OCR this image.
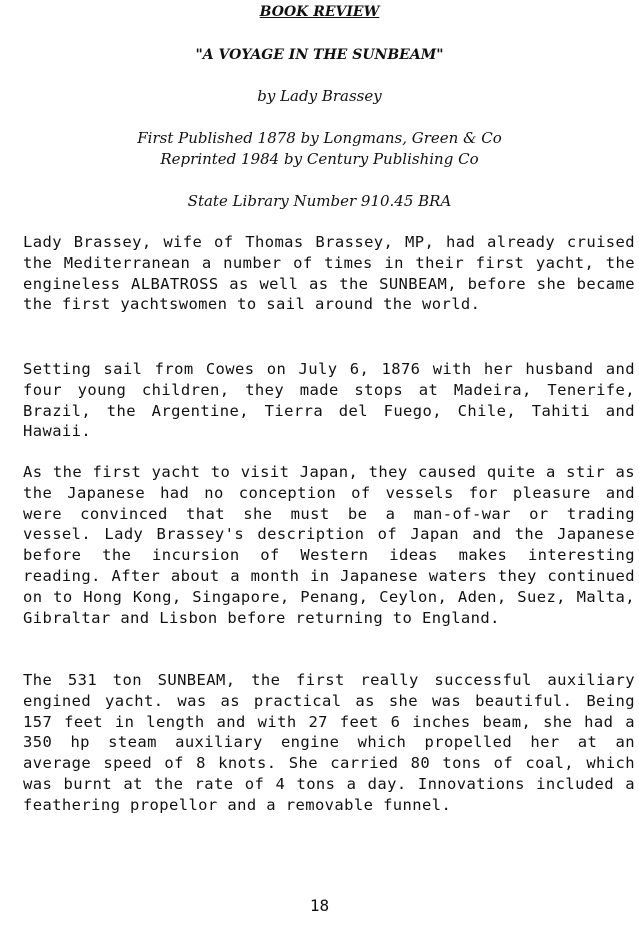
BOOK REVIEW
"A VOYAGE IN THE SUNBEAM"
by Lady Brassey
First Published 1878 by Longmans, Green & Co
Reprinted 1984 by Century Publishing Co
State Library Number 910.45 BRA

Lady Brassey, wife of Thomas Brassey, MP, had already cruised the Mediterranean a number of times in their first yacht, the engineless ALBATROSS as well as the SUNBEAM, before she became the first yachtswomen to sail around the world.

Setting sail from Cowes on July 6, 1876 with her husband and four young children, they made stops at Madeira, Tenerife, Brazil, the Argentine, Tierra del Fuego, Chile, Tahiti and Hawaii.

As the first yacht to visit Japan, they caused quite a stir as the Japanese had no conception of vessels for pleasure and were convinced that she must be a man-of-war or trading vessel. Lady Brassey's description of Japan and the Japanese before the incursion of Western ideas makes interesting reading. After about a month in Japanese waters they continued on to Hong Kong, Singapore, Penang, Ceylon, Aden, Suez, Malta, Gibraltar and Lisbon before returning to England.

The 531 ton SUNBEAM, the first really successful auxiliary engined yacht. was as practical as she was beautiful. Being 157 feet in length and with 27 feet 6 inches beam, she had a 350 hp steam auxiliary engine which propelled her at an average speed of 8 knots. She carried 80 tons of coal, which was burnt at the rate of 4 tons a day. Innovations included a feathering propellor and a removable funnel.

18
